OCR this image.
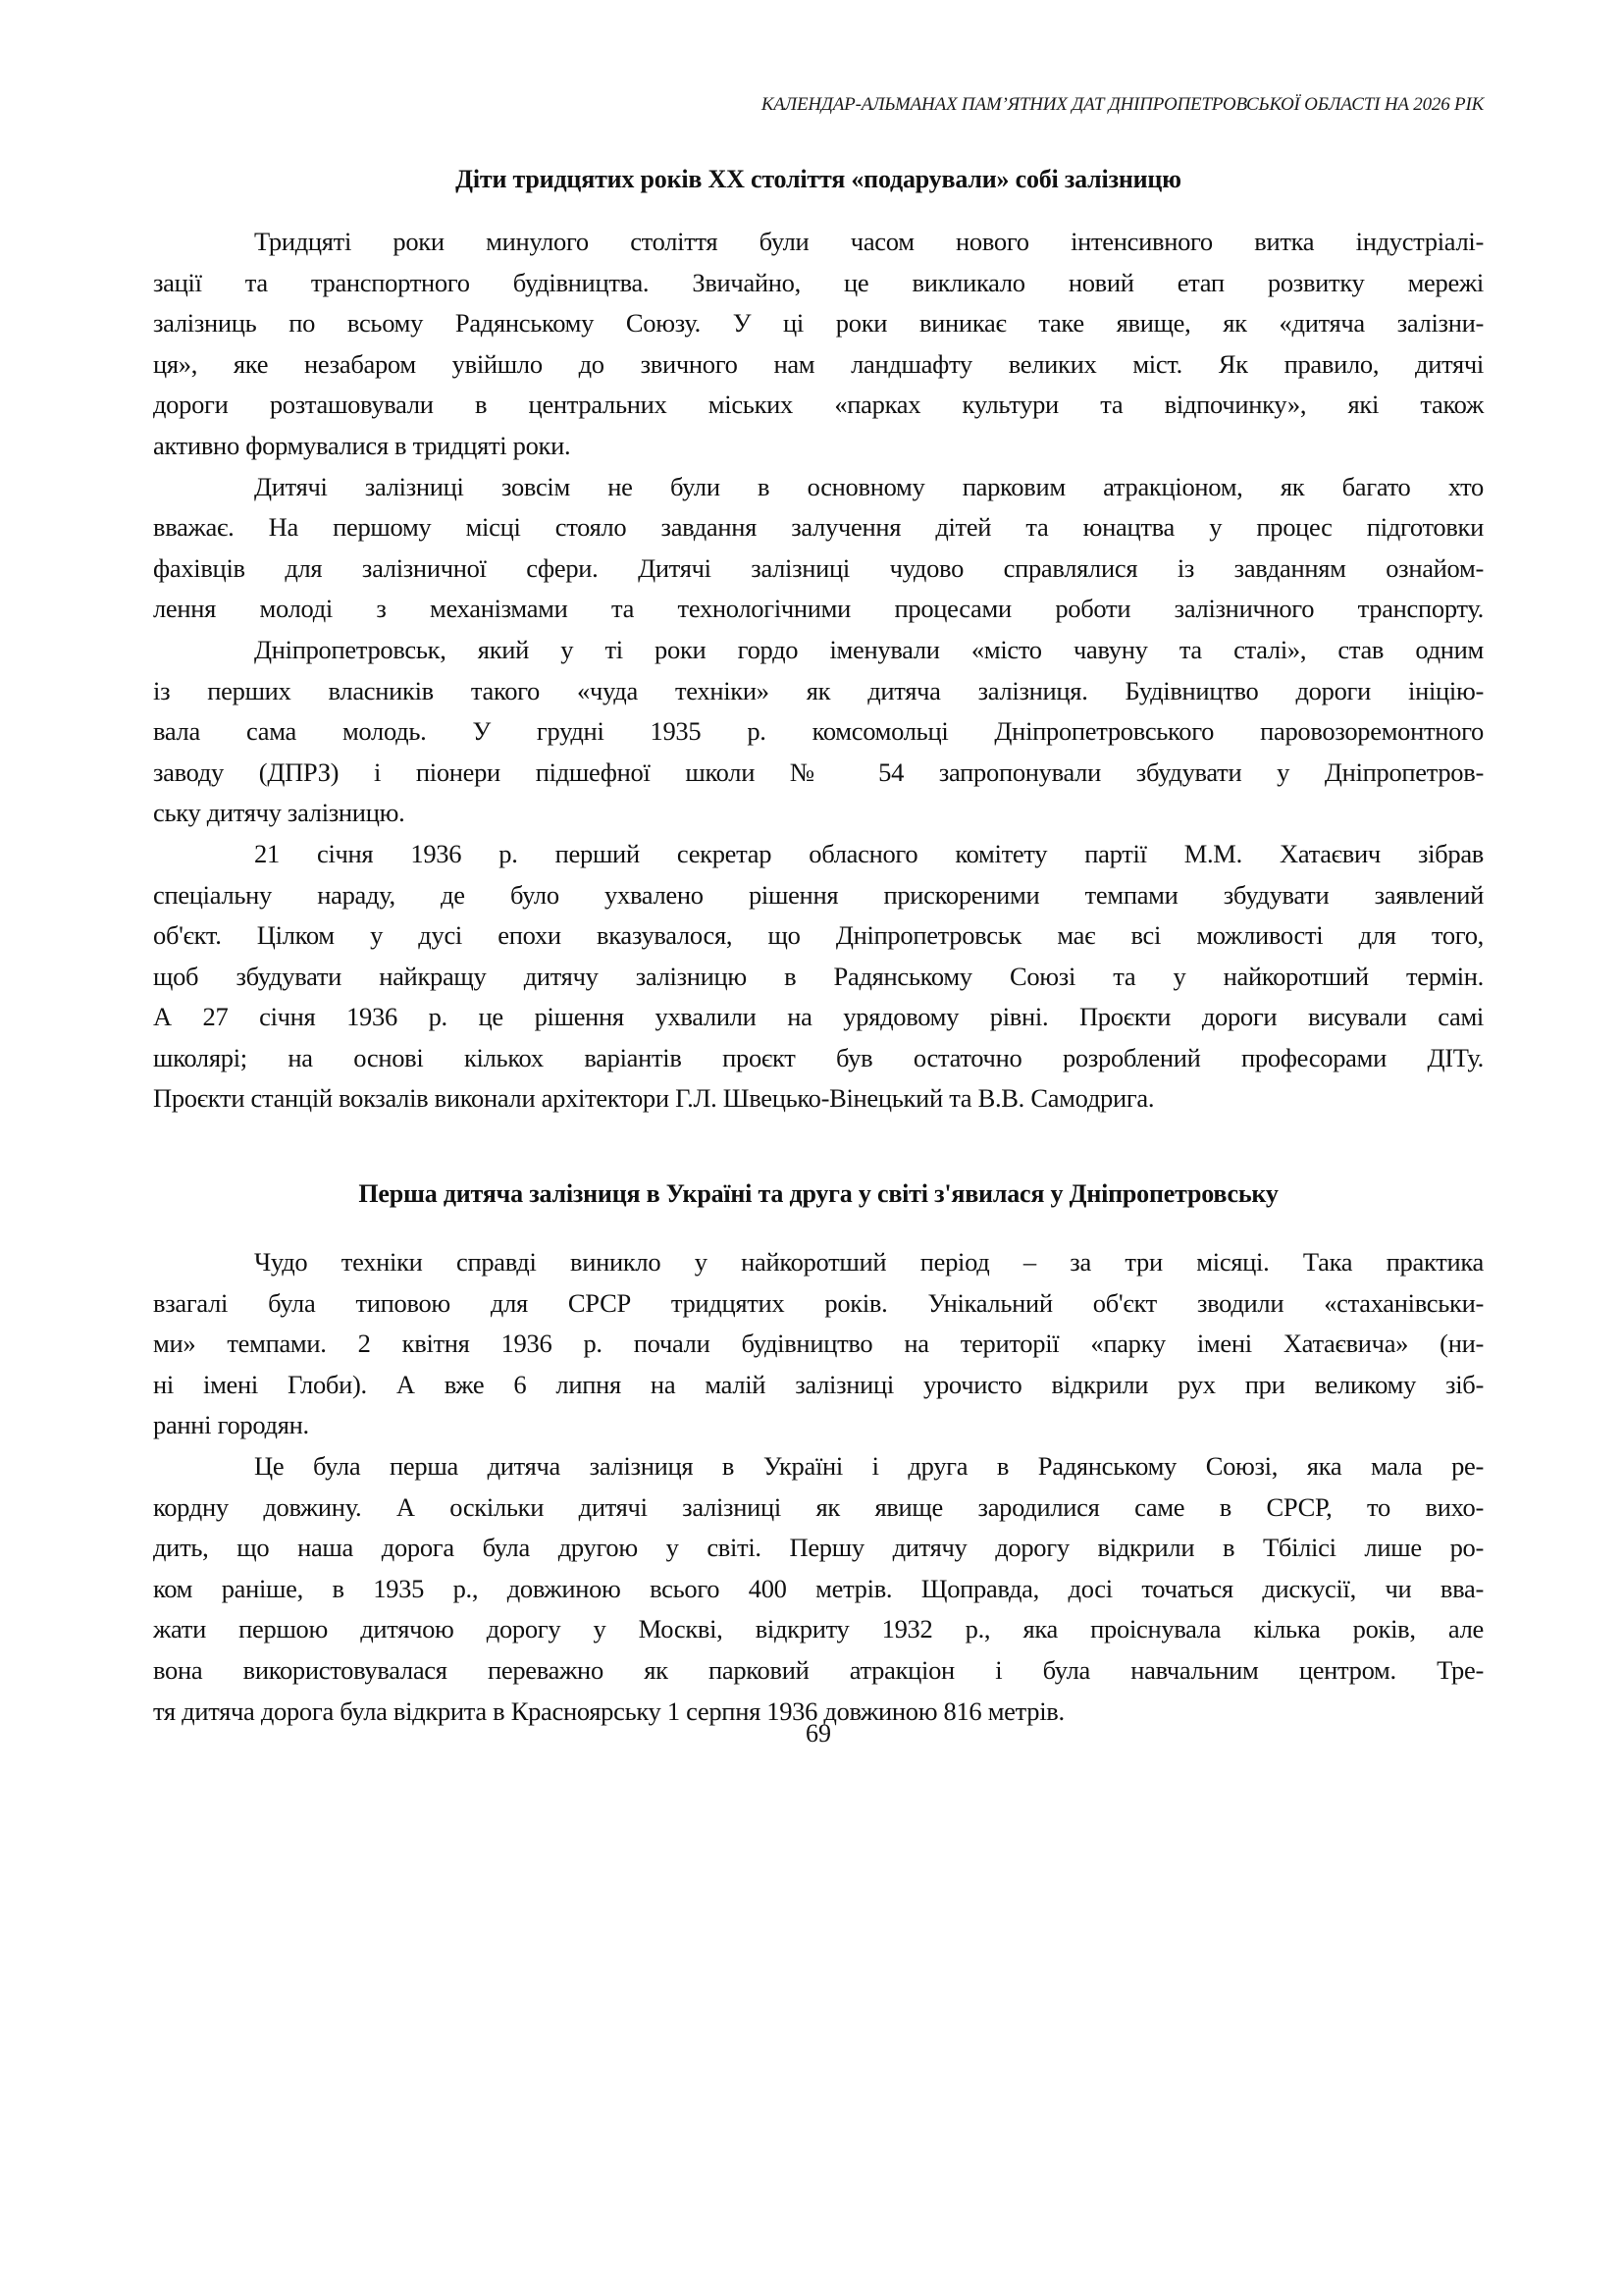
КАЛЕНДАР-АЛЬМАНАХ ПАМ’ЯТНИХ ДАТ ДНІПРОПЕТРОВСЬКОЇ ОБЛАСТІ НА 2026 РІК
Діти тридцятих років ХХ століття «подарували» собі залізницю

Тридцяті роки минулого століття були часом нового інтенсивного витка індустріалі-
зації та транспортного будівництва. Звичайно, це викликало новий етап розвитку мережі
залізниць по всьому Радянському Союзу. У ці роки виникає таке явище, як «дитяча залізни-
ця», яке незабаром увійшло до звичного нам ландшафту великих міст. Як правило, дитячі
дороги розташовували в центральних міських «парках культури та відпочинку», які також
активно формувалися в тридцяті роки.

Дитячі залізниці зовсім не були в основному парковим атракціоном, як багато хто
вважає. На першому місці стояло завдання залучення дітей та юнацтва у процес підготовки
фахівців для залізничної сфери. Дитячі залізниці чудово справлялися із завданням ознайом-
лення молоді з механізмами та технологічними процесами роботи залізничного транспорту.

Дніпропетровськ, який у ті роки гордо іменували «місто чавуну та сталі», став одним
із перших власників такого «чуда техніки» як дитяча залізниця. Будівництво дороги ініцію-
вала сама молодь. У грудні 1935 р. комсомольці Дніпропетровського паровозоремонтного
заводу (ДПРЗ) і піонери підшефної школи № 54 запропонували збудувати у Дніпропетров-
ську дитячу залізницю.

21 січня 1936 р. перший секретар обласного комітету партії М.М. Хатаєвич зібрав
спеціальну нараду, де було ухвалено рішення прискореними темпами збудувати заявлений
об'єкт. Цілком у дусі епохи вказувалося, що Дніпропетровськ має всі можливості для того,
щоб збудувати найкращу дитячу залізницю в Радянському Союзі та у найкоротший термін.
А 27 січня 1936 р. це рішення ухвалили на урядовому рівні. Проєкти дороги висували самі
школярі; на основі кількох варіантів проєкт був остаточно розроблений професорами ДІТу.
Проєкти станцій вокзалів виконали архітектори Г.Л. Швецько-Вінецький та В.В. Самодрига.

Перша дитяча залізниця в Україні та друга у світі з'явилася у Дніпропетровську

Чудо техніки справді виникло у найкоротший період – за три місяці. Така практика
взагалі була типовою для СРСР тридцятих років. Унікальний об'єкт зводили «стаханівськи-
ми» темпами. 2 квітня 1936 р. почали будівництво на території «парку імені Хатаєвича» (ни-
ні імені Глоби). А вже 6 липня на малій залізниці урочисто відкрили рух при великому зіб-
ранні городян.

Це була перша дитяча залізниця в Україні і друга в Радянському Союзі, яка мала ре-
кордну довжину. А оскільки дитячі залізниці як явище зародилися саме в СРСР, то вихо-
дить, що наша дорога була другою у світі. Першу дитячу дорогу відкрили в Тбілісі лише ро-
ком раніше, в 1935 р., довжиною всього 400 метрів. Щоправда, досі точаться дискусії, чи вва-
жати першою дитячою дорогу у Москві, відкриту 1932 р., яка проіснувала кілька років, але
вона використовувалася переважно як парковий атракціон і була навчальним центром. Тре-
тя дитяча дорога була відкрита в Красноярську 1 серпня 1936 довжиною 816 метрів.

69
